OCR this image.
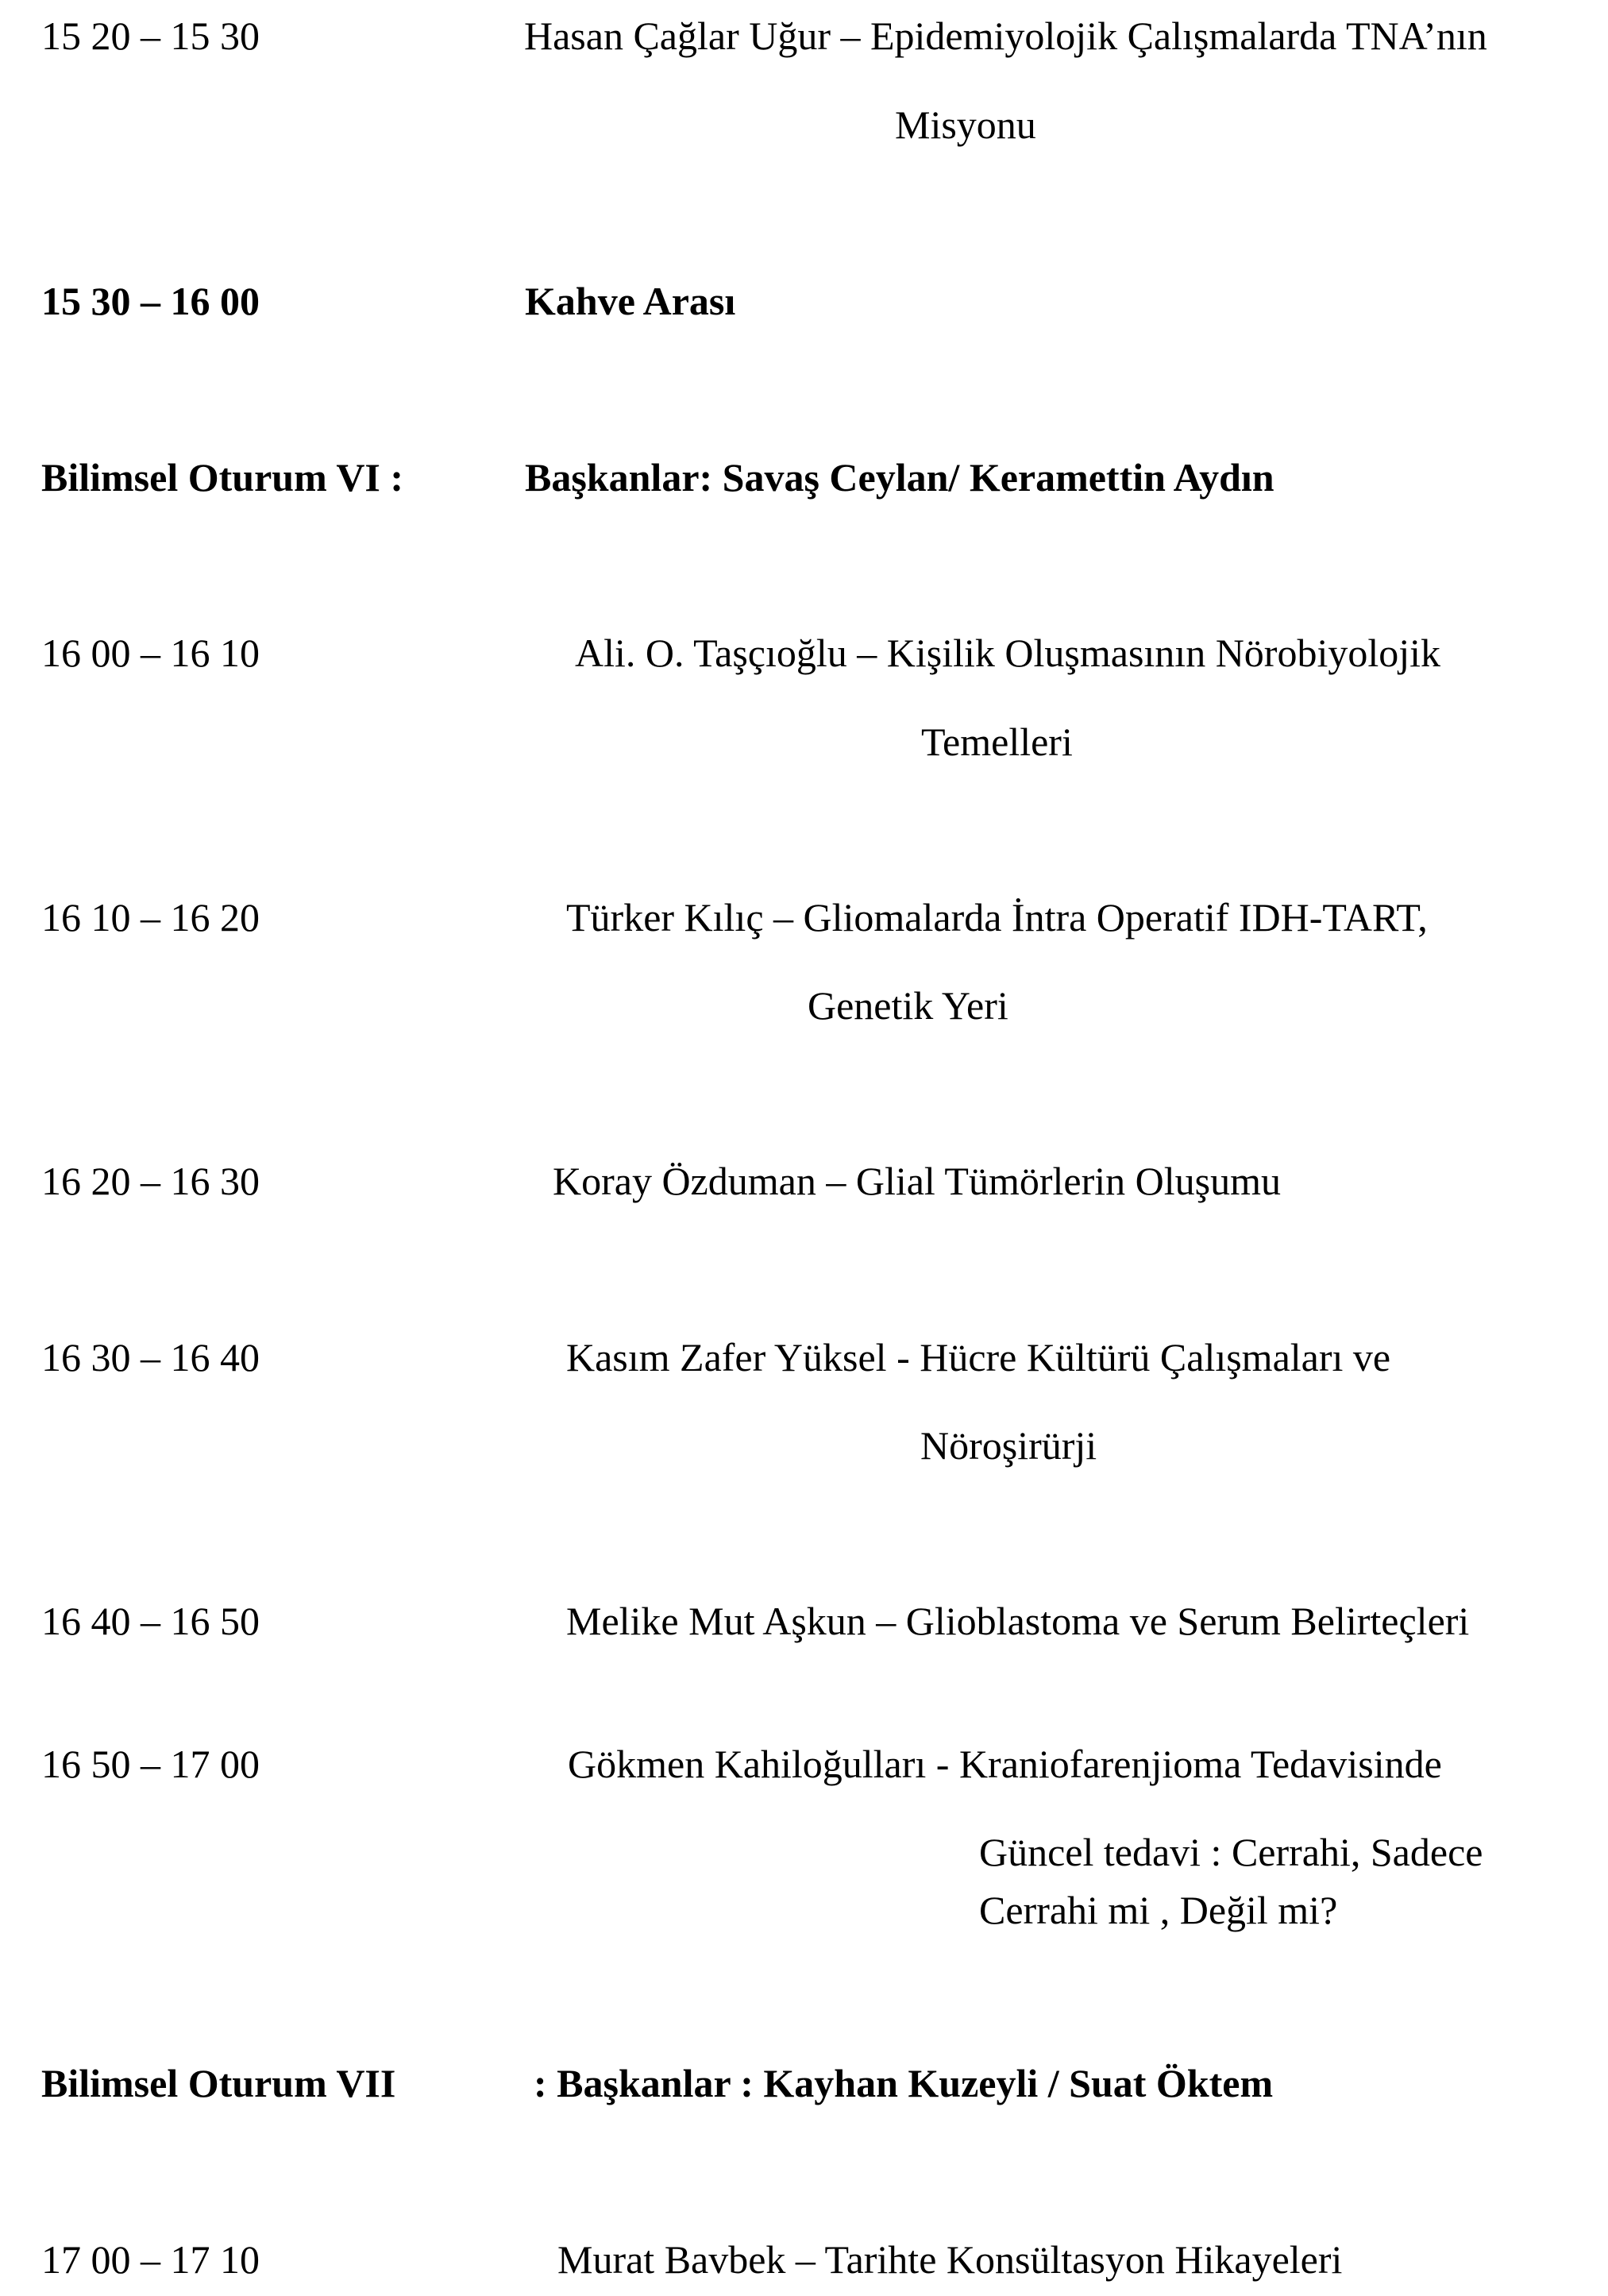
15 20 – 15 30	Hasan Çağlar Uğur – Epidemiyolojik Çalışmalarda TNA’nın
Misyonu
15 30 – 16 00	Kahve Arası
Bilimsel Oturum VI :	Başkanlar: Savaş Ceylan/ Keramettin Aydın
16 00 – 16 10	Ali. O. Taşçıoğlu – Kişilik Oluşmasının Nörobiyolojik
Temelleri
16 10 – 16 20	Türker Kılıç – Gliomalarda İntra Operatif IDH-TART,
Genetik Yeri
16 20 – 16 30	Koray Özduman – Glial Tümörlerin Oluşumu
16 30 – 16 40	Kasım Zafer Yüksel - Hücre Kültürü Çalışmaları ve
Nöroşirürji
16 40 – 16 50	Melike Mut Aşkun – Glioblastoma ve Serum Belirteçleri
16 50 – 17 00	Gökmen Kahiloğulları - Kraniofarenjioma Tedavisinde
Güncel tedavi : Cerrahi, Sadece
Cerrahi mi , Değil mi?
Bilimsel Oturum VII	: Başkanlar : Kayhan Kuzeyli / Suat Öktem
17 00 – 17 10	Murat Bavbek – Tarihte Konsültasyon Hikayeleri
